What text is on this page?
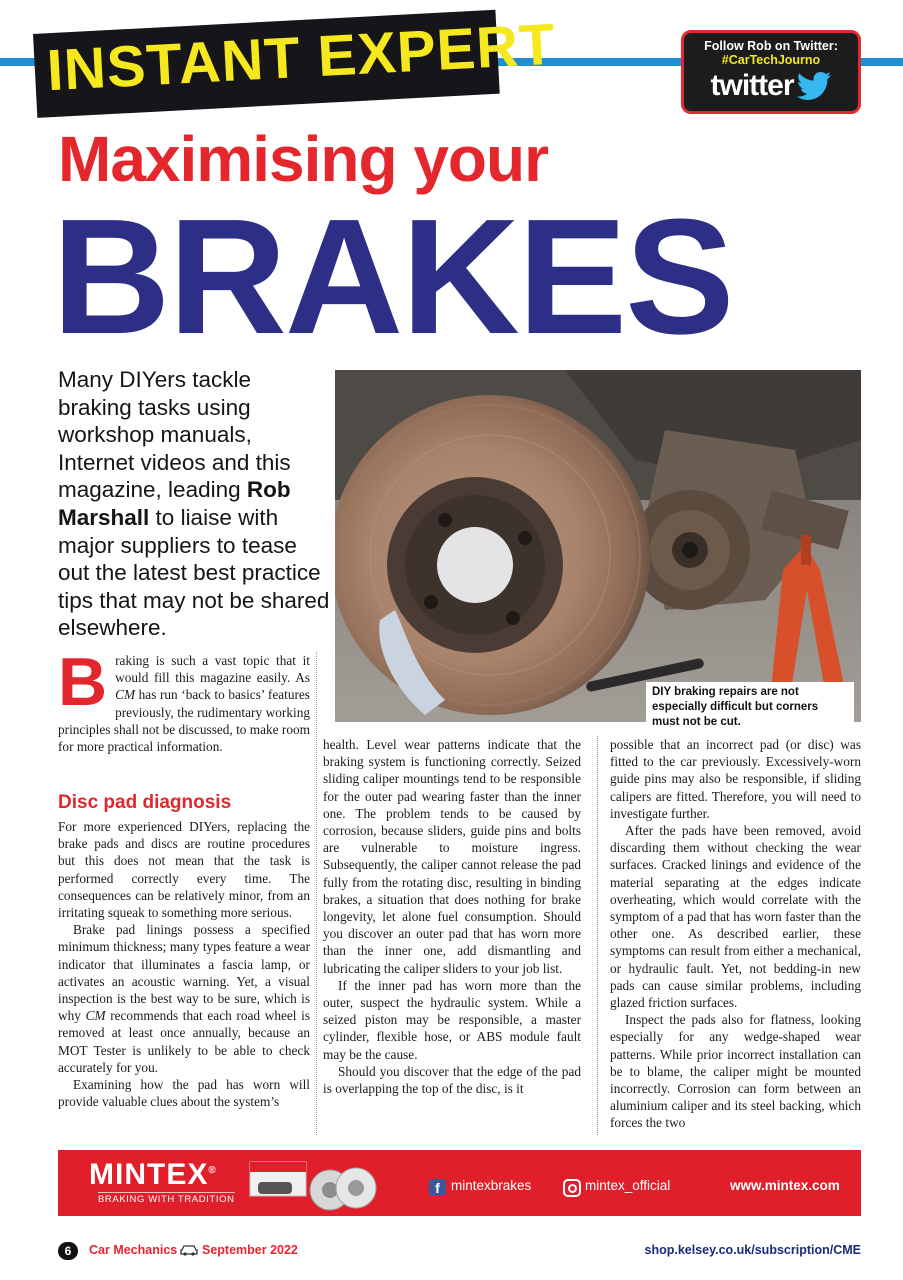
INSTANT EXPERT	Follow Rob on Twitter:
#CarTechJourno
twitter
Maximising your
BRAKES
Many DIYers tackle braking tasks using workshop manuals, Internet videos and this magazine, leading Rob Marshall to liaise with major suppliers to tease out the latest best practice tips that may not be shared elsewhere.
DIY braking repairs are not especially difficult but corners must not be cut.

Braking is such a vast topic that it would fill this magazine easily. As CM has run ‘back to basics’ features previously, the rudimentary working principles shall not be discussed, to make room for more practical information.

Disc pad diagnosis

For more experienced DIYers, replacing the brake pads and discs are routine procedures but this does not mean that the task is performed correctly every time. The consequences can be relatively minor, from an irritating squeak to something more serious.

Brake pad linings possess a specified minimum thickness; many types feature a wear indicator that illuminates a fascia lamp, or activates an acoustic warning. Yet, a visual inspection is the best way to be sure, which is why CM recommends that each road wheel is removed at least once annually, because an MOT Tester is unlikely to be able to check accurately for you.

Examining how the pad has worn will provide valuable clues about the system’s

health. Level wear patterns indicate that the braking system is functioning correctly. Seized sliding caliper mountings tend to be responsible for the outer pad wearing faster than the inner one. The problem tends to be caused by corrosion, because sliders, guide pins and bolts are vulnerable to moisture ingress. Subsequently, the caliper cannot release the pad fully from the rotating disc, resulting in binding brakes, a situation that does nothing for brake longevity, let alone fuel consumption. Should you discover an outer pad that has worn more than the inner one, add dismantling and lubricating the caliper sliders to your job list.

If the inner pad has worn more than the outer, suspect the hydraulic system. While a seized piston may be responsible, a master cylinder, flexible hose, or ABS module fault may be the cause.

Should you discover that the edge of the pad is overlapping the top of the disc, is it

possible that an incorrect pad (or disc) was fitted to the car previously. Excessively-worn guide pins may also be responsible, if sliding calipers are fitted. Therefore, you will need to investigate further.

After the pads have been removed, avoid discarding them without checking the wear surfaces. Cracked linings and evidence of the material separating at the edges indicate overheating, which would correlate with the symptom of a pad that has worn faster than the other one. As described earlier, these symptoms can result from either a mechanical, or hydraulic fault. Yet, not bedding-in new pads can cause similar problems, including glazed friction surfaces.

Inspect the pads also for flatness, looking especially for any wedge-shaped wear patterns. While prior incorrect installation can be to blame, the caliper might be mounted incorrectly. Corrosion can form between an aluminium caliper and its steel backing, which forces the two

MINTEX®
BRAKING WITH TRADITION
f mintexbrakes	mintex_official	www.mintex.com
6	Car Mechanics September 2022	shop.kelsey.co.uk/subscription/CME
